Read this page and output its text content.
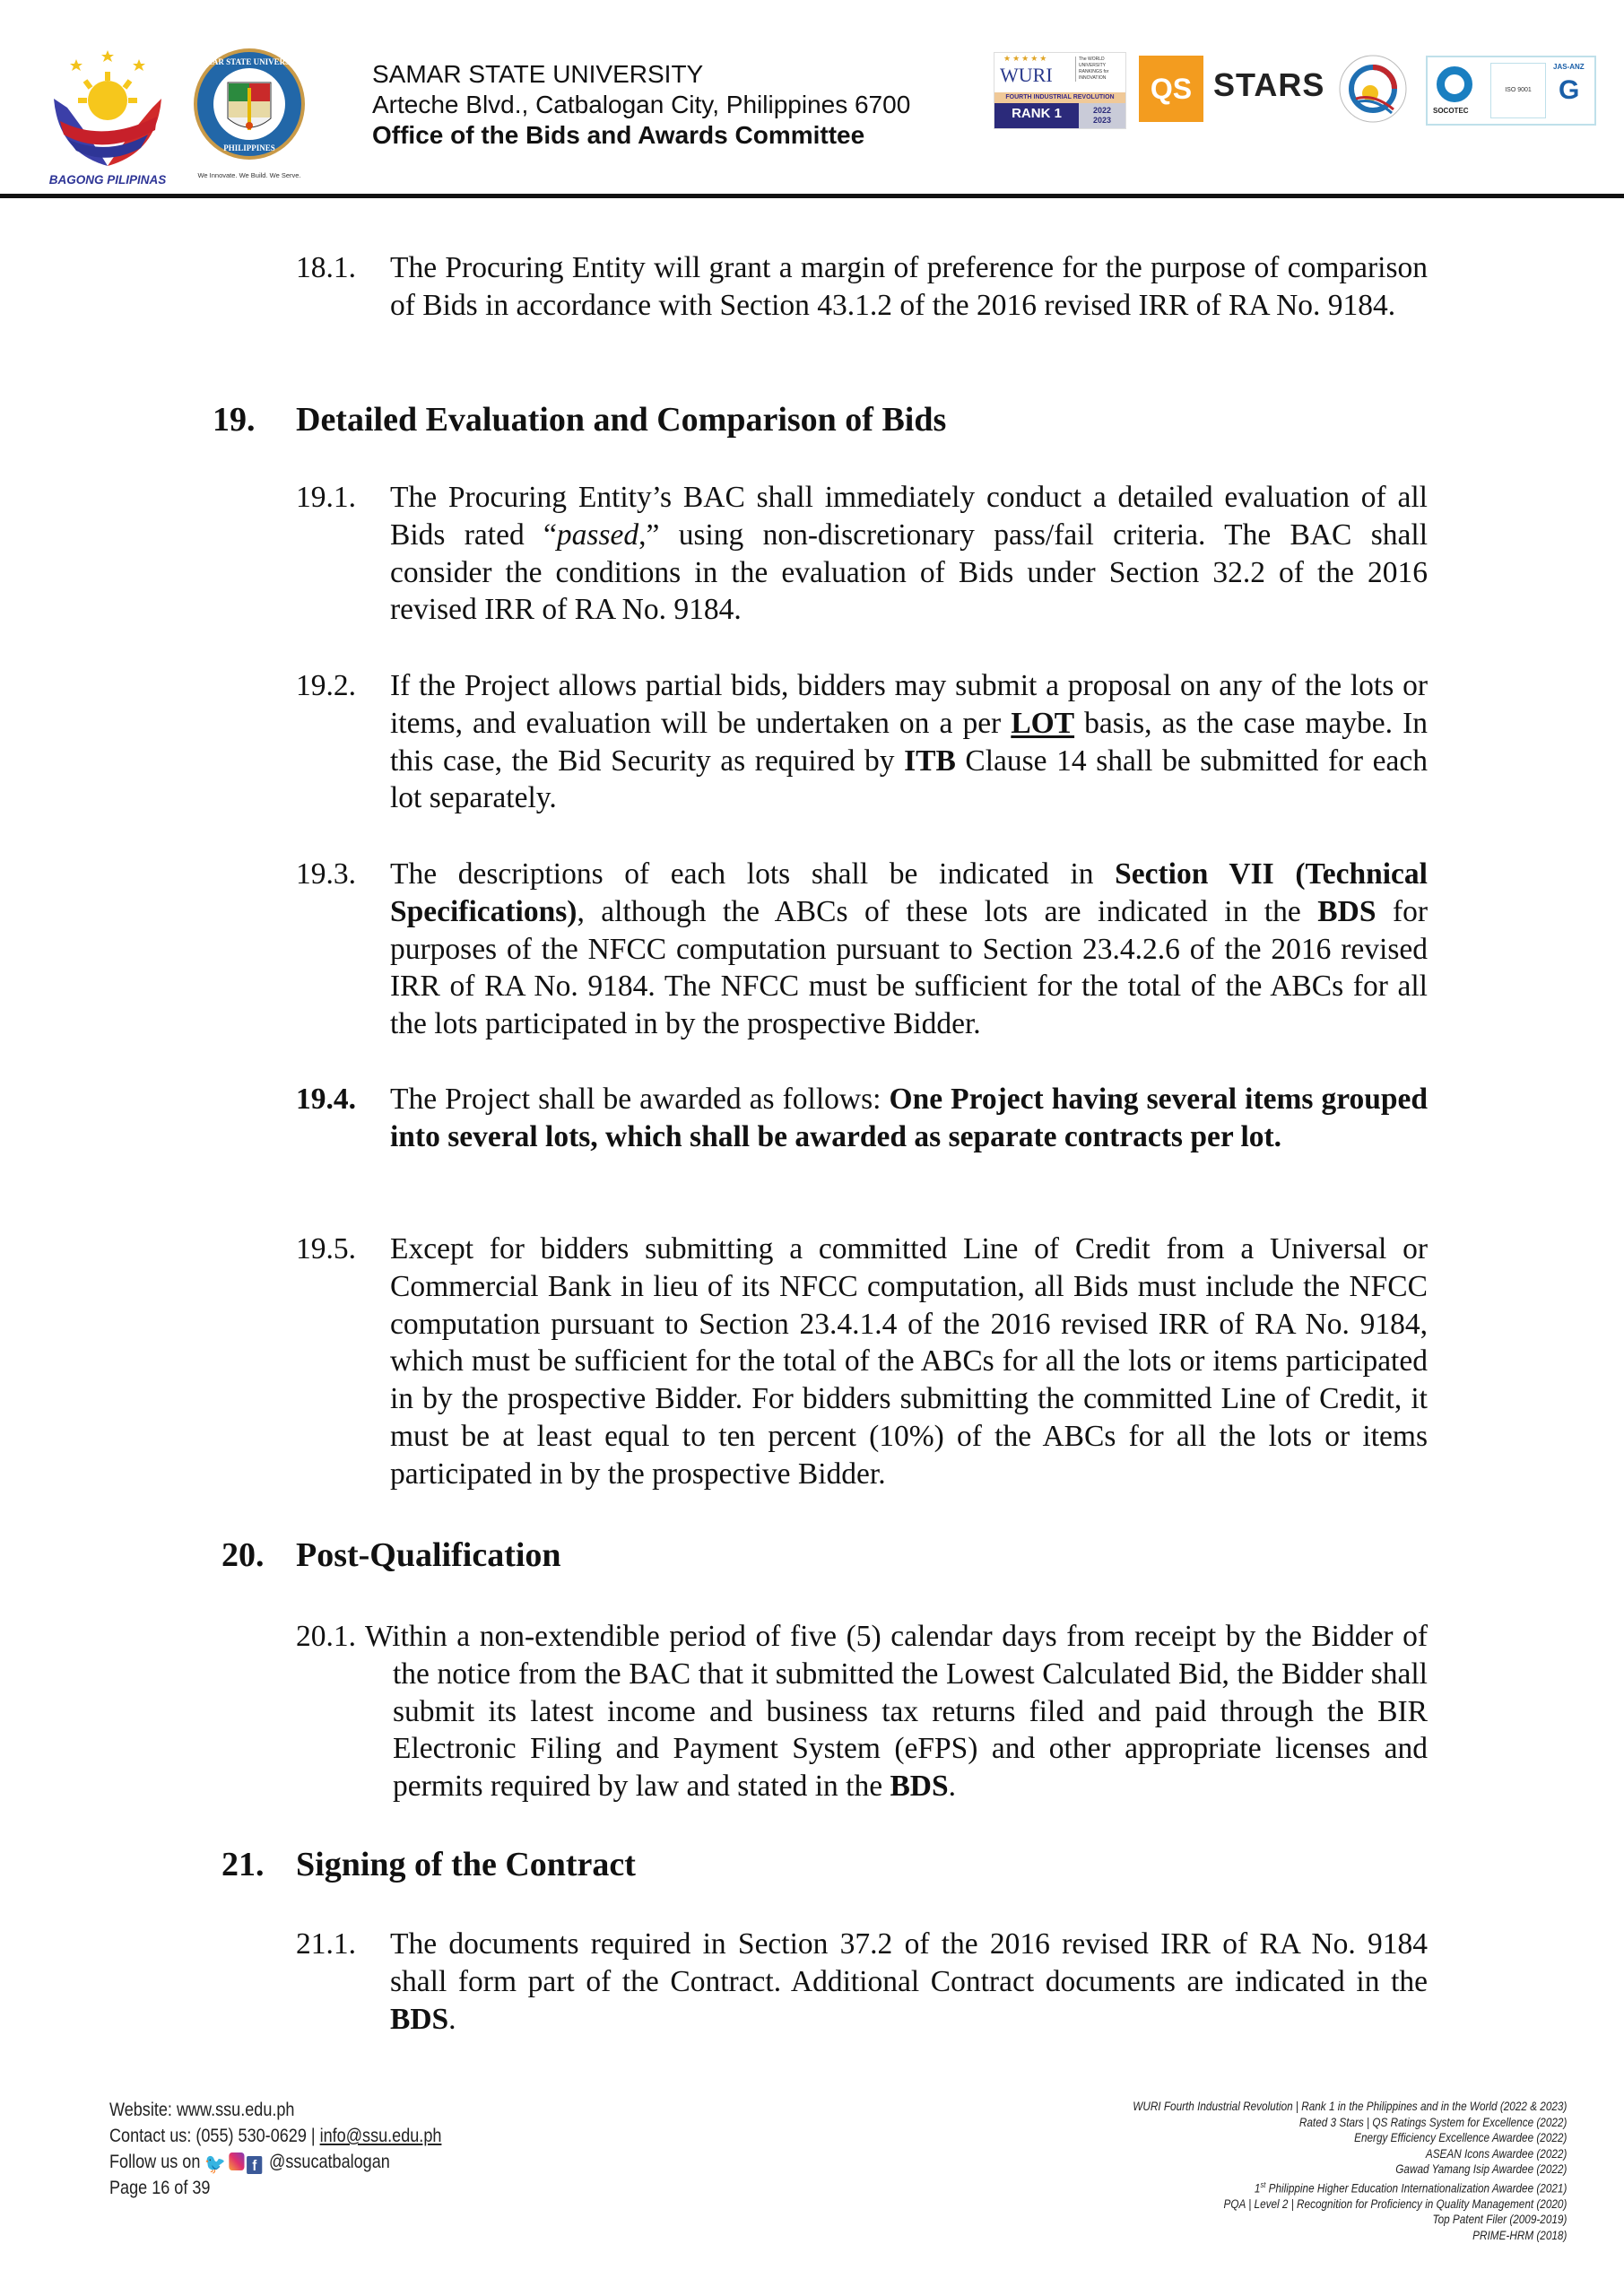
BAGONG PILIPINAS
SAMAR STATE UNIVERSITY
PHILIPPINES
We Innovate. We Build. We Serve.
SAMAR STATE UNIVERSITY
Arteche Blvd., Catbalogan City, Philippines 6700
Office of the Bids and Awards Committee
★★★★★
WURI
The WORLD UNIVERSITY RANKINGS for INNOVATION
FOURTH INDUSTRIAL REVOLUTION
RANK 1	2022
2023
QS STARS
SOCOTEC
ISO 9001
JAS-ANZ
G
18.1. The Procuring Entity will grant a margin of preference for the purpose of comparison of Bids in accordance with Section 43.1.2 of the 2016 revised IRR of RA No. 9184.
19. Detailed Evaluation and Comparison of Bids
19.1. The Procuring Entity’s BAC shall immediately conduct a detailed evaluation of all Bids rated “passed,” using non-discretionary pass/fail criteria. The BAC shall consider the conditions in the evaluation of Bids under Section 32.2 of the 2016 revised IRR of RA No. 9184.
19.2. If the Project allows partial bids, bidders may submit a proposal on any of the lots or items, and evaluation will be undertaken on a per LOT basis, as the case maybe. In this case, the Bid Security as required by ITB Clause 14 shall be submitted for each lot separately.
19.3. The descriptions of each lots shall be indicated in Section VII (Technical Specifications), although the ABCs of these lots are indicated in the BDS for purposes of the NFCC computation pursuant to Section 23.4.2.6 of the 2016 revised IRR of RA No. 9184. The NFCC must be sufficient for the total of the ABCs for all the lots participated in by the prospective Bidder.
19.4. The Project shall be awarded as follows: One Project having several items grouped into several lots, which shall be awarded as separate contracts per lot.
19.5. Except for bidders submitting a committed Line of Credit from a Universal or Commercial Bank in lieu of its NFCC computation, all Bids must include the NFCC computation pursuant to Section 23.4.1.4 of the 2016 revised IRR of RA No. 9184, which must be sufficient for the total of the ABCs for all the lots or items participated in by the prospective Bidder. For bidders submitting the committed Line of Credit, it must be at least equal to ten percent (10%) of the ABCs for all the lots or items participated in by the prospective Bidder.
20. Post-Qualification
20.1. Within a non-extendible period of five (5) calendar days from receipt by the Bidder of the notice from the BAC that it submitted the Lowest Calculated Bid, the Bidder shall submit its latest income and business tax returns filed and paid through the BIR Electronic Filing and Payment System (eFPS) and other appropriate licenses and permits required by law and stated in the BDS.
21. Signing of the Contract
21.1. The documents required in Section 37.2 of the 2016 revised IRR of RA No. 9184 shall form part of the Contract. Additional Contract documents are indicated in the BDS.
Website: www.ssu.edu.ph
Contact us: (055) 530-0629 | info@ssu.edu.ph
Follow us on 🐦 f @ssucatbalogan
Page 16 of 39
WURI Fourth Industrial Revolution | Rank 1 in the Philippines and in the World (2022 & 2023)
Rated 3 Stars | QS Ratings System for Excellence (2022)
Energy Efficiency Excellence Awardee (2022)
ASEAN Icons Awardee (2022)
Gawad Yamang Isip Awardee (2022)
1st Philippine Higher Education Internationalization Awardee (2021)
PQA | Level 2 | Recognition for Proficiency in Quality Management (2020)
Top Patent Filer (2009-2019)
PRIME-HRM (2018)
